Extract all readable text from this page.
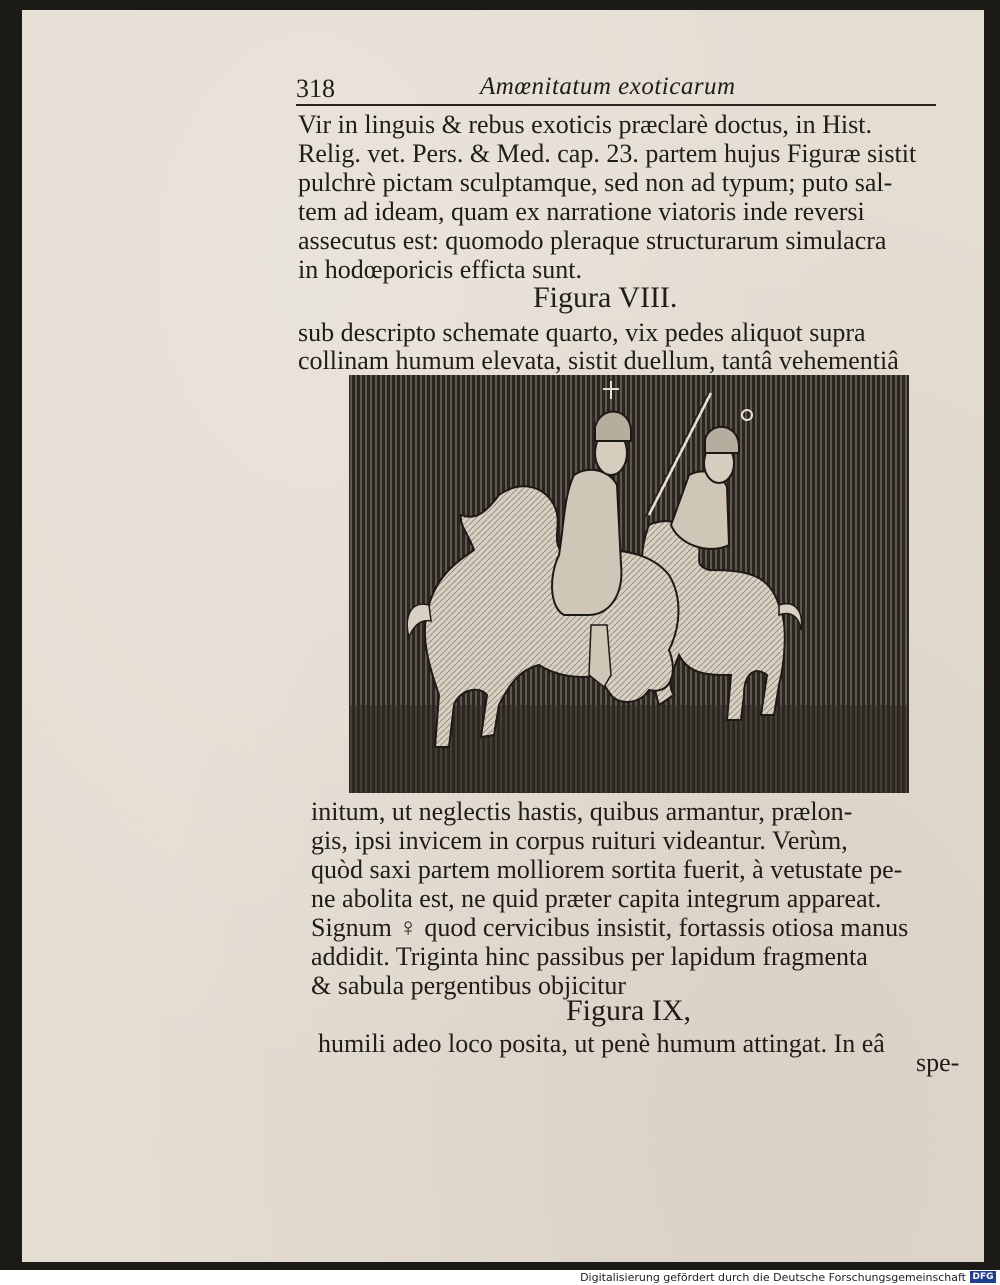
318	Amœnitatum exoticarum
Vir in linguis & rebus exoticis præclarè doctus, in Hist.
Relig. vet. Pers. & Med. cap. 23. partem hujus Figuræ sistit
pulchrè pictam sculptamque, sed non ad typum; puto sal-
tem ad ideam, quam ex narratione viatoris inde reversi
assecutus est: quomodo pleraque structurarum simulacra
in hodœporicis efficta sunt.
Figura VIII.
sub descripto schemate quarto, vix pedes aliquot supra
collinam humum elevata, sistit duellum, tantâ vehementiâ
initum, ut neglectis hastis, quibus armantur, prælon-
gis, ipsi invicem in corpus ruituri videantur. Verùm,
quòd saxi partem molliorem sortita fuerit, à vetustate pe-
ne abolita est, ne quid præter capita integrum appareat.
Signum ♀ quod cervicibus insistit, fortassis otiosa manus
addidit. Triginta hinc passibus per lapidum fragmenta
& sabula pergentibus objicitur
Figura IX,
humili adeo loco posita, ut penè humum attingat. In eâ
spe-
Digitalisierung gefördert durch die Deutsche Forschungsgemeinschaft DFG
